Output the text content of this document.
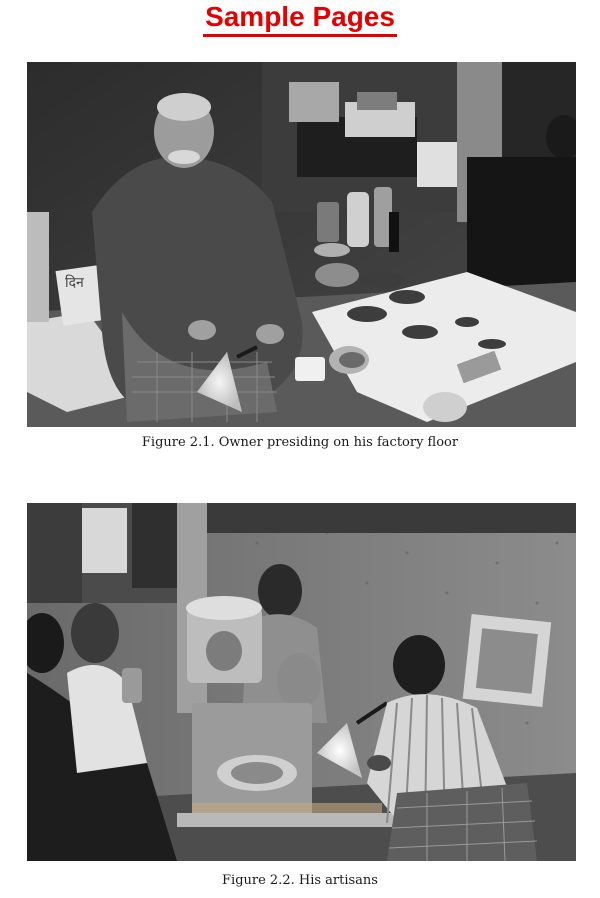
Sample Pages
दिन
Figure 2.1. Owner presiding on his factory floor
Figure 2.2. His artisans
